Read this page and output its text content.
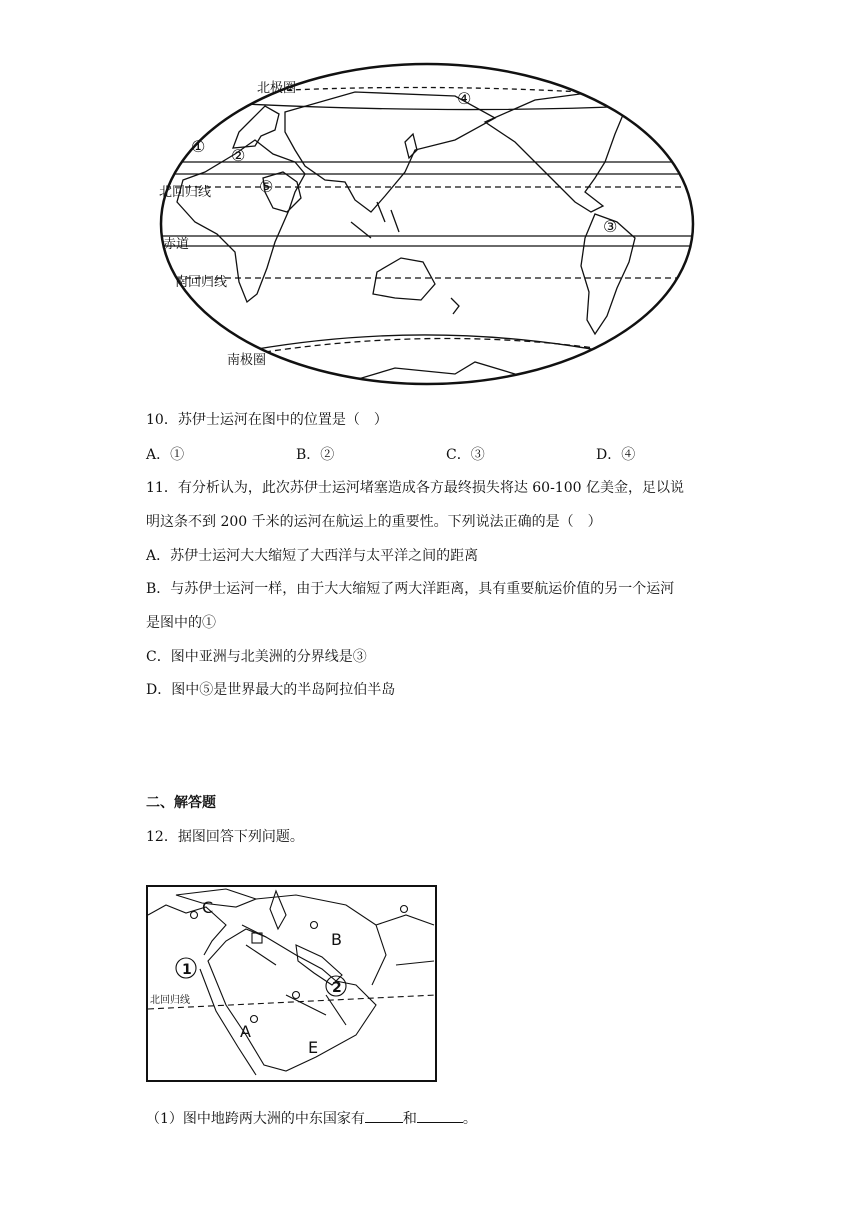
北极圈
北回归线
赤道
南回归线
南极圈
① ②
③
④
⑤
10．苏伊士运河在图中的位置是（　）
A．①	B．②	C．③	D．④
11．有分析认为，此次苏伊士运河堵塞造成各方最终损失将达 60-100 亿美金，足以说
明这条不到 200 千米的运河在航运上的重要性。下列说法正确的是（　）
A．苏伊士运河大大缩短了大西洋与太平洋之间的距离
B．与苏伊士运河一样，由于大大缩短了两大洋距离，具有重要航运价值的另一个运河
是图中的①
C．图中亚洲与北美洲的分界线是③
D．图中⑤是世界最大的半岛阿拉伯半岛
二、解答题
12．据图回答下列问题。
C
B
A
E
1
2
北回归线
（1）图中地跨两大洲的中东国家有	和	。
